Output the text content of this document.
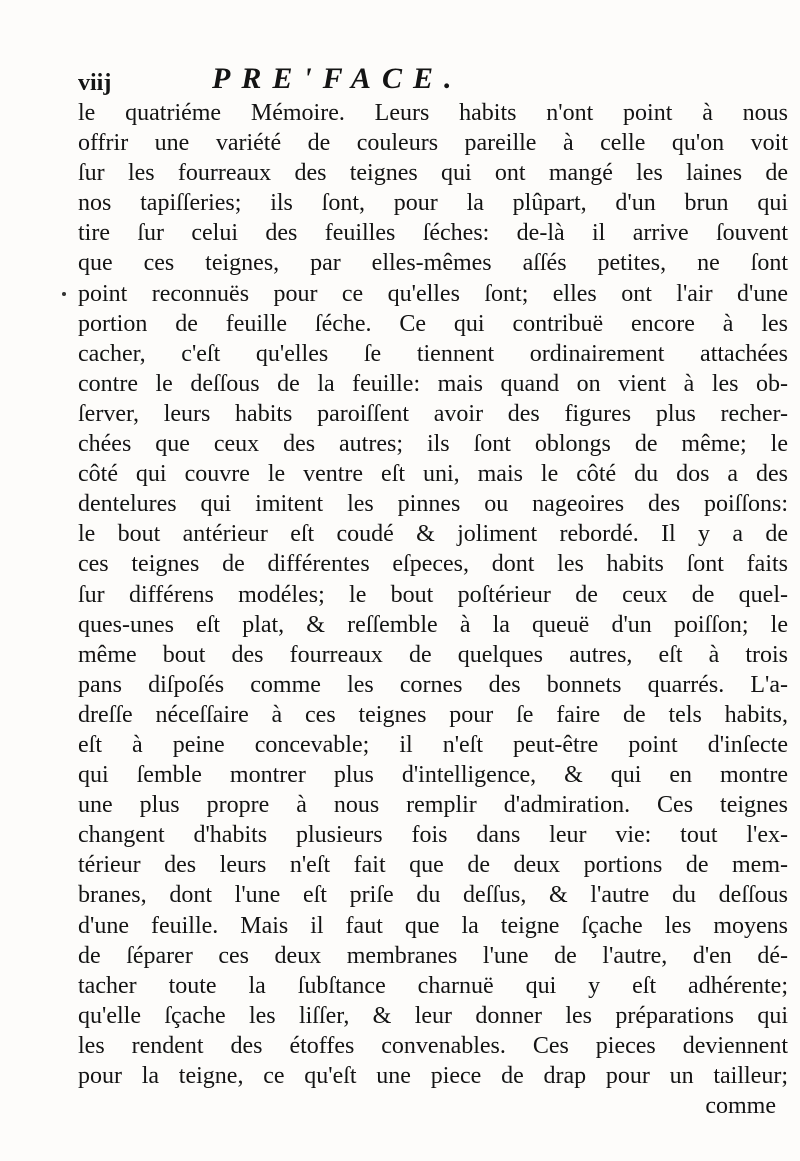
viij	PRE'FACE.
le quatriéme Mémoire. Leurs habits n'ont point à nous
offrir une variété de couleurs pareille à celle qu'on voit
ſur les fourreaux des teignes qui ont mangé les laines de
nos tapiſſeries; ils ſont, pour la plûpart, d'un brun qui
tire ſur celui des feuilles ſéches: de-là il arrive ſouvent
que ces teignes, par elles-mêmes aſſés petites, ne ſont
point reconnuës pour ce qu'elles ſont; elles ont l'air d'une
portion de feuille ſéche. Ce qui contribuë encore à les
cacher, c'eſt qu'elles ſe tiennent ordinairement attachées
contre le deſſous de la feuille: mais quand on vient à les ob-
ſerver, leurs habits paroiſſent avoir des figures plus recher-
chées que ceux des autres; ils ſont oblongs de même; le
côté qui couvre le ventre eſt uni, mais le côté du dos a des
dentelures qui imitent les pinnes ou nageoires des poiſſons:
le bout antérieur eſt coudé & joliment rebordé. Il y a de
ces teignes de différentes eſpeces, dont les habits ſont faits
ſur différens modéles; le bout poſtérieur de ceux de quel-
ques-unes eſt plat, & reſſemble à la queuë d'un poiſſon; le
même bout des fourreaux de quelques autres, eſt à trois
pans diſpoſés comme les cornes des bonnets quarrés. L'a-
dreſſe néceſſaire à ces teignes pour ſe faire de tels habits,
eſt à peine concevable; il n'eſt peut-être point d'inſecte
qui ſemble montrer plus d'intelligence, & qui en montre
une plus propre à nous remplir d'admiration. Ces teignes
changent d'habits plusieurs fois dans leur vie: tout l'ex-
térieur des leurs n'eſt fait que de deux portions de mem-
branes, dont l'une eſt priſe du deſſus, & l'autre du deſſous
d'une feuille. Mais il faut que la teigne ſçache les moyens
de ſéparer ces deux membranes l'une de l'autre, d'en dé-
tacher toute la ſubſtance charnuë qui y eſt adhérente;
qu'elle ſçache les liſſer, & leur donner les préparations qui
les rendent des étoffes convenables. Ces pieces deviennent
pour la teigne, ce qu'eſt une piece de drap pour un tailleur;
comme
